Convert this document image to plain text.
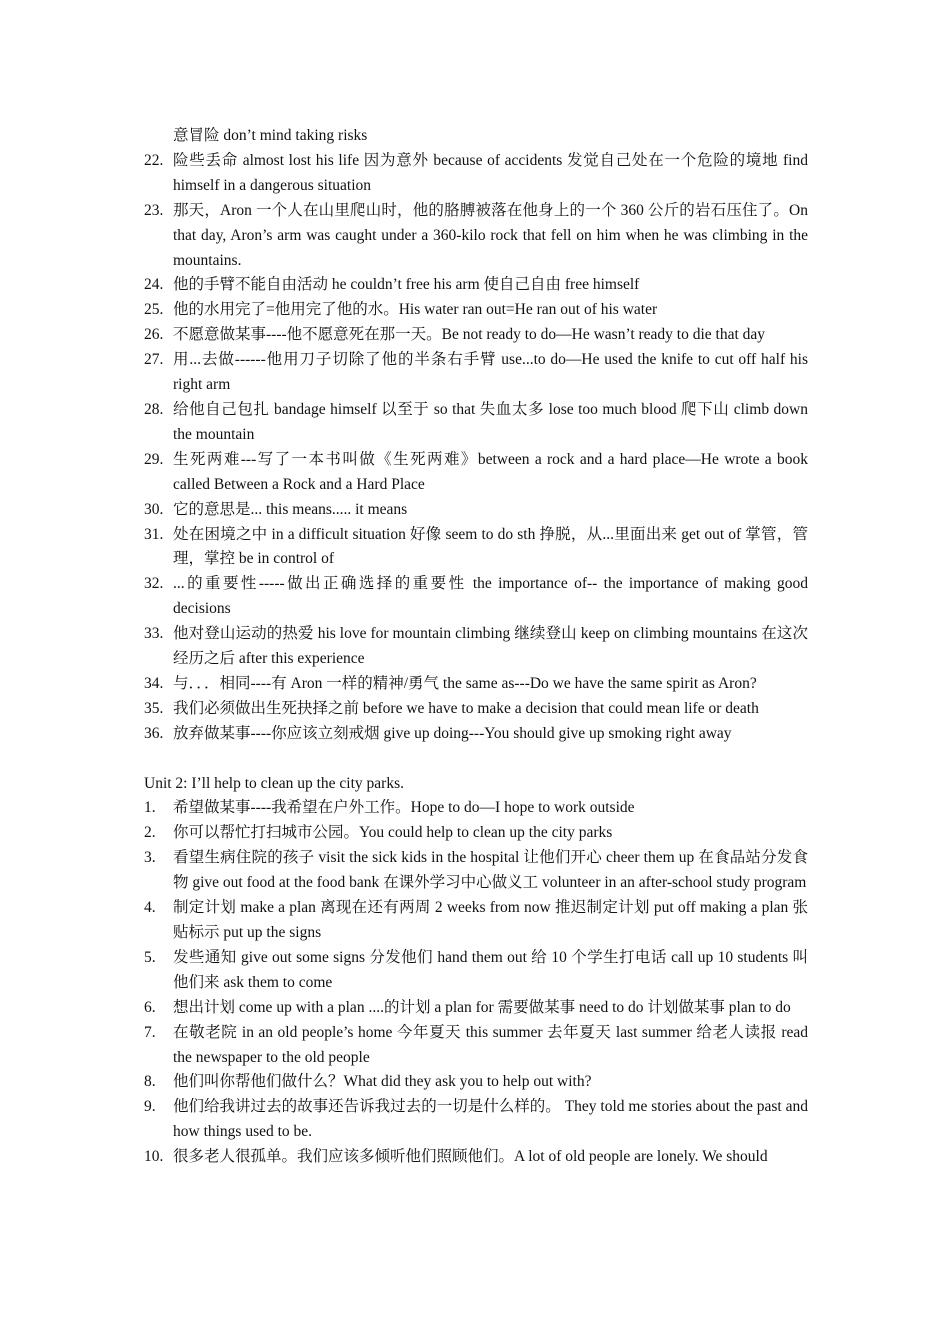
意冒险 don’t mind taking risks
22. 险些丢命 almost lost his life 因为意外 because of accidents 发觉自己处在一个危险的境地 find himself in a dangerous situation
23. 那天，Aron 一个人在山里爬山时，他的胳膊被落在他身上的一个 360 公斤的岩石压住了。On that day, Aron’s arm was caught under a 360-kilo rock that fell on him when he was climbing in the mountains.
24. 他的手臂不能自由活动 he couldn’t free his arm 使自己自由 free himself
25. 他的水用完了=他用完了他的水。His water ran out=He ran out of his water
26. 不愿意做某事----他不愿意死在那一天。Be not ready to do—He wasn’t ready to die that day
27. 用...去做------他用刀子切除了他的半条右手臂 use...to do—He used the knife to cut off half his right arm
28. 给他自己包扎 bandage himself 以至于 so that 失血太多 lose too much blood 爬下山 climb down the mountain
29. 生死两难---写了一本书叫做《生死两难》between a rock and a hard place—He wrote a book called Between a Rock and a Hard Place
30. 它的意思是... this means..... it means
31. 处在困境之中 in a difficult situation 好像 seem to do sth 挣脱，从...里面出来 get out of 掌管，管理，掌控 be in control of
32. ...的重要性-----做出正确选择的重要性 the importance of-- the importance of making good decisions
33. 他对登山运动的热爱 his love for mountain climbing 继续登山 keep on climbing mountains 在这次经历之后 after this experience
34. 与．．．相同----有 Aron 一样的精神/勇气 the same as---Do we have the same spirit as Aron?
35. 我们必须做出生死抉择之前 before we have to make a decision that could mean life or death
36. 放弃做某事----你应该立刻戒烟 give up doing---You should give up smoking right away
Unit 2: I’ll help to clean up the city parks.
1. 希望做某事----我希望在户外工作。Hope to do—I hope to work outside
2. 你可以帮忙打扫城市公园。You could help to clean up the city parks
3. 看望生病住院的孩子 visit the sick kids in the hospital 让他们开心 cheer them up 在食品站分发食物 give out food at the food bank 在课外学习中心做义工 volunteer in an after-school study program
4. 制定计划 make a plan 离现在还有两周 2 weeks from now 推迟制定计划 put off making a plan 张贴标示 put up the signs
5. 发些通知 give out some signs 分发他们 hand them out 给 10 个学生打电话 call up 10 students 叫他们来 ask them to come
6. 想出计划 come up with a plan ....的计划 a plan for 需要做某事 need to do 计划做某事 plan to do
7. 在敬老院 in an old people’s home 今年夏天 this summer 去年夏天 last summer 给老人读报 read the newspaper to the old people
8. 他们叫你帮他们做什么？What did they ask you to help out with?
9. 他们给我讲过去的故事还告诉我过去的一切是什么样的。 They told me stories about the past and how things used to be.
10. 很多老人很孤单。我们应该多倾听他们照顾他们。A lot of old people are lonely. We should
